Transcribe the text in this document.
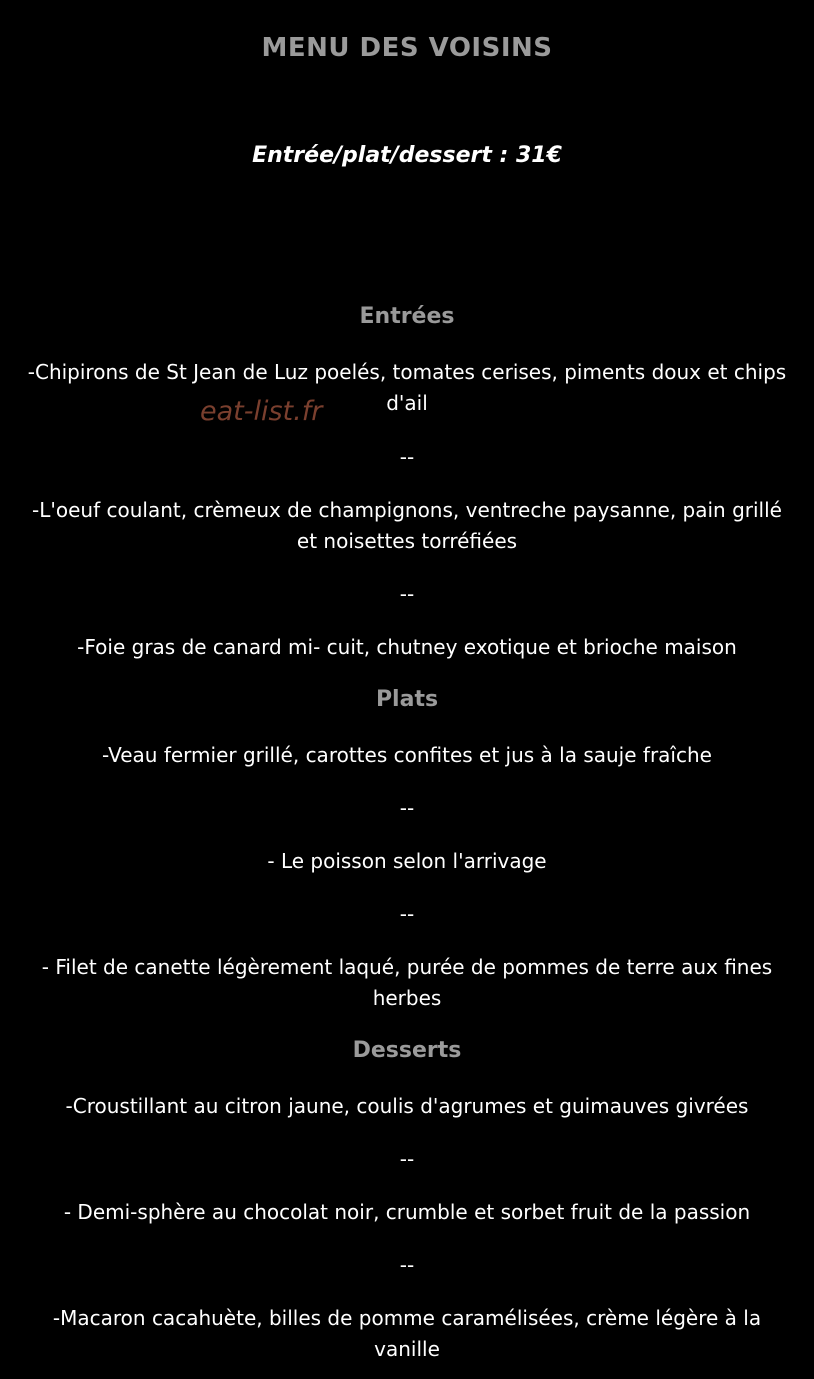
MENU DES VOISINS
Entrée/plat/dessert : 31€
Entrées
-Chipirons de St Jean de Luz poelés, tomates cerises, piments doux et chips d'ail
--
-L'oeuf coulant, crèmeux de champignons, ventreche paysanne, pain grillé et noisettes torréfiées
--
-Foie gras de canard mi- cuit, chutney exotique et brioche maison
Plats
-Veau fermier grillé, carottes confites et jus à la sauje fraîche
--
- Le poisson selon l'arrivage
--
- Filet de canette légèrement laqué, purée de pommes de terre aux fines herbes
Desserts
-Croustillant au citron jaune, coulis d'agrumes et guimauves givrées
--
- Demi-sphère au chocolat noir, crumble et sorbet fruit de la passion
--
-Macaron cacahuète, billes de pomme caramélisées, crème légère à la vanille
eat-list.fr
